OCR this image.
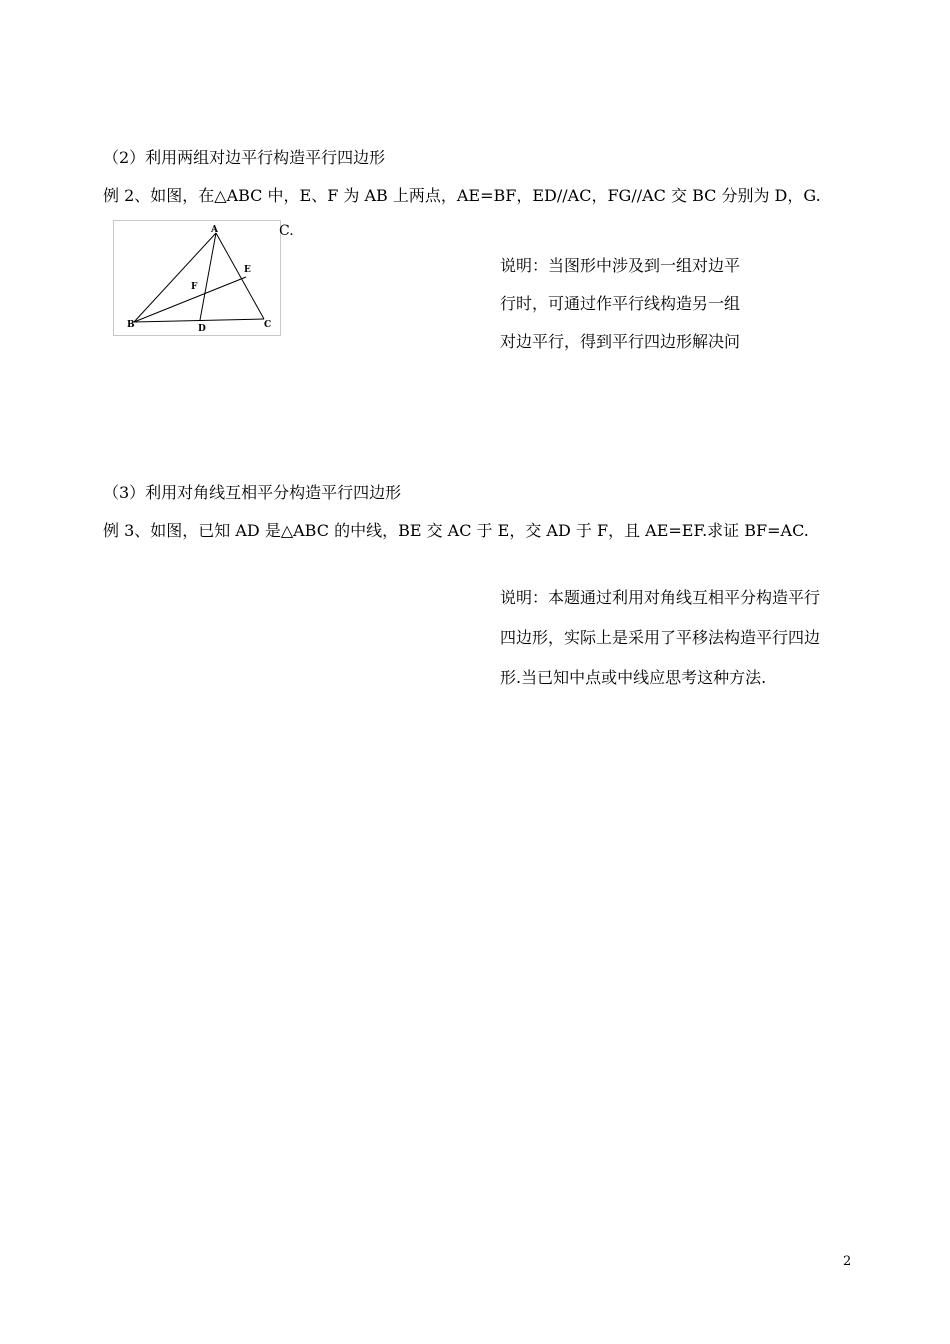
（2）利用两组对边平行构造平行四边形
例 2、如图，在△ABC 中，E、F 为 AB 上两点，AE=BF，ED//AC，FG//AC 交 BC 分别为 D，G.
A
B	C
D
E
F
C.
说明：当图形中涉及到一组对边平
行时，可通过作平行线构造另一组
对边平行，得到平行四边形解决问
（3）利用对角线互相平分构造平行四边形
例 3、如图，已知 AD 是△ABC 的中线，BE 交 AC 于 E，交 AD 于 F，且 AE=EF.求证 BF=AC.
说明：本题通过利用对角线互相平分构造平行
四边形，实际上是采用了平移法构造平行四边
形.当已知中点或中线应思考这种方法.
2
